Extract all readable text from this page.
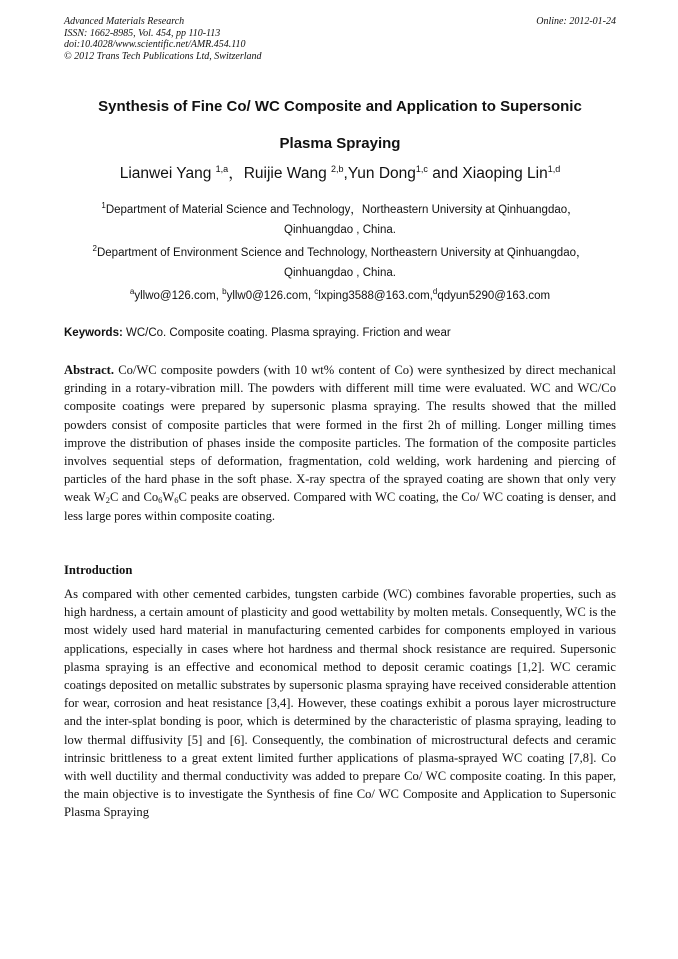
Advanced Materials Research
ISSN: 1662-8985, Vol. 454, pp 110-113
doi:10.4028/www.scientific.net/AMR.454.110
© 2012 Trans Tech Publications Ltd, Switzerland
Online: 2012-01-24
Synthesis of Fine Co/ WC Composite and Application to Supersonic
Plasma Spraying
Lianwei Yang $^{1,a}$，Ruijie Wang $^{2,b}$,Yun Dong$^{1,c}$ and Xiaoping Lin$^{1,d}$
$^1$Department of Material Science and Technology，Northeastern University at Qinhuangdao，
Qinhuangdao , China.
$^2$Department of Environment Science and Technology, Northeastern University at Qinhuangdao，
Qinhuangdao , China.
$^a$yllwo@126.com, $^b$yllw0@126.com, $^c$lxping3588@163.com,$^d$qdyun5290@163.com
Keywords: WC/Co. Composite coating. Plasma spraying. Friction and wear
Abstract. Co/WC composite powders (with 10 wt% content of Co) were synthesized by direct mechanical grinding in a rotary-vibration mill. The powders with different mill time were evaluated. WC and WC/Co composite coatings were prepared by supersonic plasma spraying. The results showed that the milled powders consist of composite particles that were formed in the first 2h of milling. Longer milling times improve the distribution of phases inside the composite particles. The formation of the composite particles involves sequential steps of deformation, fragmentation, cold welding, work hardening and piercing of particles of the hard phase in the soft phase. X-ray spectra of the sprayed coating are shown that only very weak $W_2C$ and $Co_6W_6C$ peaks are observed. Compared with WC coating, the Co/ WC coating is denser, and less large pores within composite coating.
Introduction
As compared with other cemented carbides, tungsten carbide (WC) combines favorable properties, such as high hardness, a certain amount of plasticity and good wettability by molten metals. Consequently, WC is the most widely used hard material in manufacturing cemented carbides for components employed in various applications, especially in cases where hot hardness and thermal shock resistance are required. Supersonic plasma spraying is an effective and economical method to deposit ceramic coatings [1,2]. WC ceramic coatings deposited on metallic substrates by supersonic plasma spraying have received considerable attention for wear, corrosion and heat resistance [3,4]. However, these coatings exhibit a porous layer microstructure and the inter-splat bonding is poor, which is determined by the characteristic of plasma spraying, leading to low thermal diffusivity [5] and [6]. Consequently, the combination of microstructural defects and ceramic intrinsic brittleness to a great extent limited further applications of plasma-sprayed WC coating [7,8]. Co with well ductility and thermal conductivity was added to prepare Co/ WC composite coating. In this paper, the main objective is to investigate the Synthesis of fine Co/ WC Composite and Application to Supersonic Plasma Spraying
